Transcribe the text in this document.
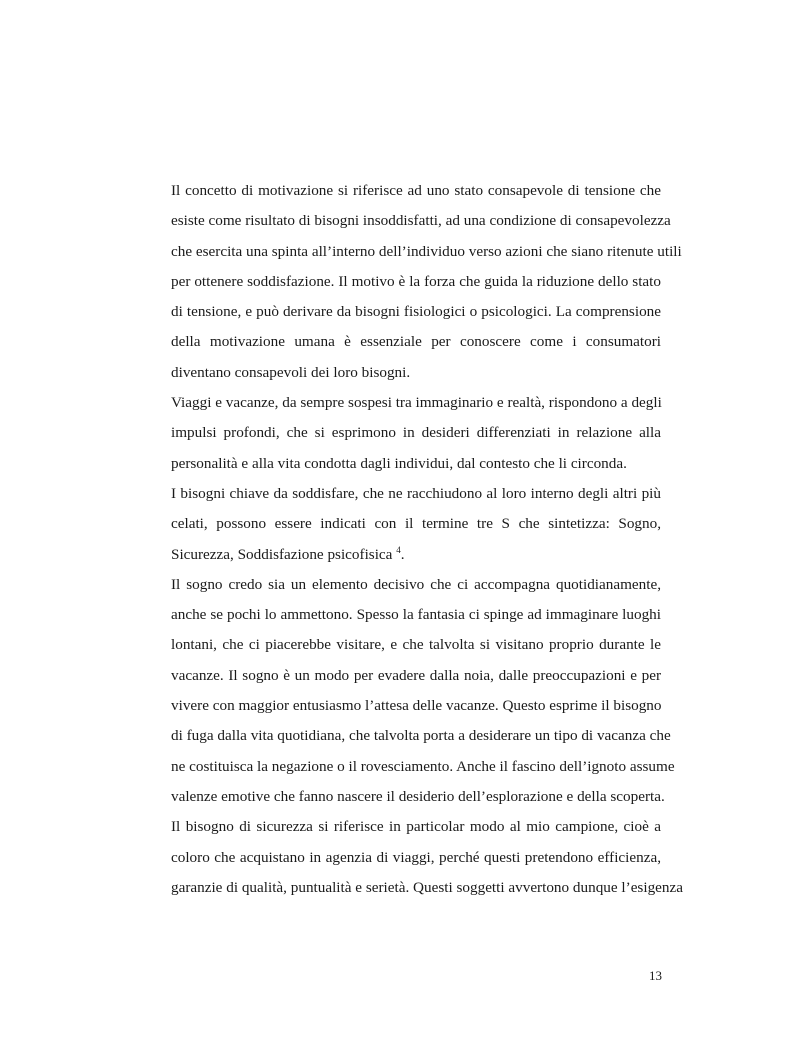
Il concetto di motivazione si riferisce ad uno stato consapevole di tensione che
esiste come risultato di bisogni insoddisfatti, ad una condizione di consapevolezza
che esercita una spinta all’interno dell’individuo verso azioni che siano ritenute utili
per ottenere soddisfazione. Il motivo è la forza che guida la riduzione dello stato
di tensione, e può derivare da bisogni fisiologici o psicologici. La comprensione
della motivazione umana è essenziale per conoscere come i consumatori
diventano consapevoli dei loro bisogni.
Viaggi e vacanze, da sempre sospesi tra immaginario e realtà, rispondono a degli
impulsi profondi, che si esprimono in desideri differenziati in relazione alla
personalità e alla vita condotta dagli individui, dal contesto che li circonda.
I bisogni chiave da soddisfare, che ne racchiudono al loro interno degli altri più
celati, possono essere indicati con il termine tre S che sintetizza: Sogno,
Sicurezza, Soddisfazione psicofisica $^4$.
Il sogno credo sia un elemento decisivo che ci accompagna quotidianamente,
anche se pochi lo ammettono. Spesso la fantasia ci spinge ad immaginare luoghi
lontani, che ci piacerebbe visitare, e che talvolta si visitano proprio durante le
vacanze. Il sogno è un modo per evadere dalla noia, dalle preoccupazioni e per
vivere con maggior entusiasmo l’attesa delle vacanze. Questo esprime il bisogno
di fuga dalla vita quotidiana, che talvolta porta a desiderare un tipo di vacanza che
ne costituisca la negazione o il rovesciamento. Anche il fascino dell’ignoto assume
valenze emotive che fanno nascere il desiderio dell’esplorazione e della scoperta.
Il bisogno di sicurezza si riferisce in particolar modo al mio campione, cioè a
coloro che acquistano in agenzia di viaggi, perché questi pretendono efficienza,
garanzie di qualità, puntualità e serietà. Questi soggetti avvertono dunque l’esigenza
13
